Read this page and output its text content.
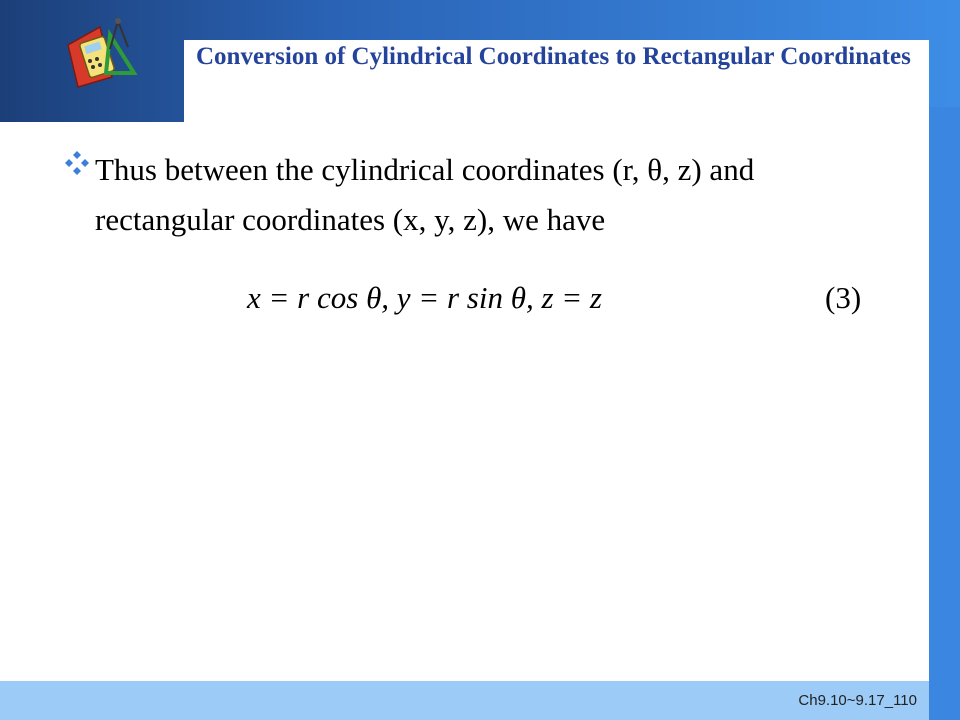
Conversion of Cylindrical Coordinates to Rectangular Coordinates
Thus between the cylindrical coordinates (r, θ, z) and
rectangular coordinates (x, y, z), we have
x = r cos θ, y = r sin θ, z = z	(3)
Ch9.10~9.17_110
